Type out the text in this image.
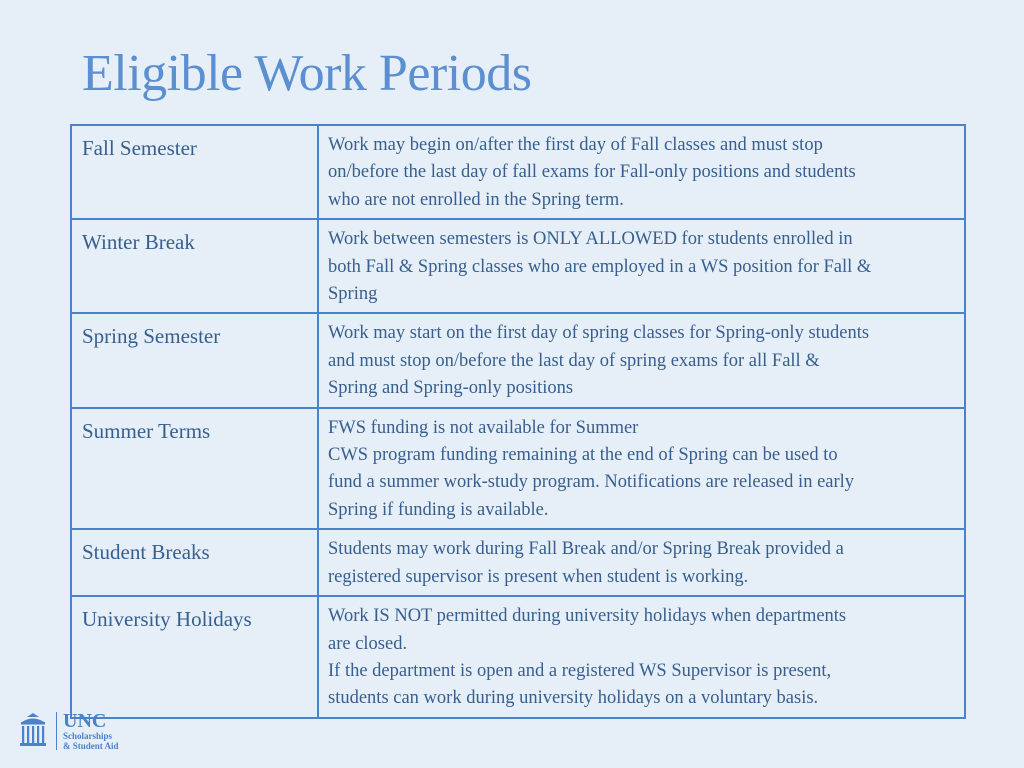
Eligible Work Periods
Fall Semester	Work may begin on/after the first day of Fall classes and must stop
on/before the last day of fall exams for Fall-only positions and students
who are not enrolled in the Spring term.

Winter Break	Work between semesters is ONLY ALLOWED for students enrolled in
both Fall & Spring classes who are employed in a WS position for Fall &
Spring

Spring Semester	Work may start on the first day of spring classes for Spring-only students
and must stop on/before the last day of spring exams for all Fall &
Spring and Spring-only positions

Summer Terms	FWS funding is not available for Summer
CWS program funding remaining at the end of Spring can be used to
fund a summer work-study program. Notifications are released in early
Spring if funding is available.

Student Breaks	Students may work during Fall Break and/or Spring Break provided a
registered supervisor is present when student is working.

University Holidays	Work IS NOT permitted during university holidays when departments
are closed.
If the department is open and a registered WS Supervisor is present,
students can work during university holidays on a voluntary basis.
UNC
Scholarships
& Student Aid
